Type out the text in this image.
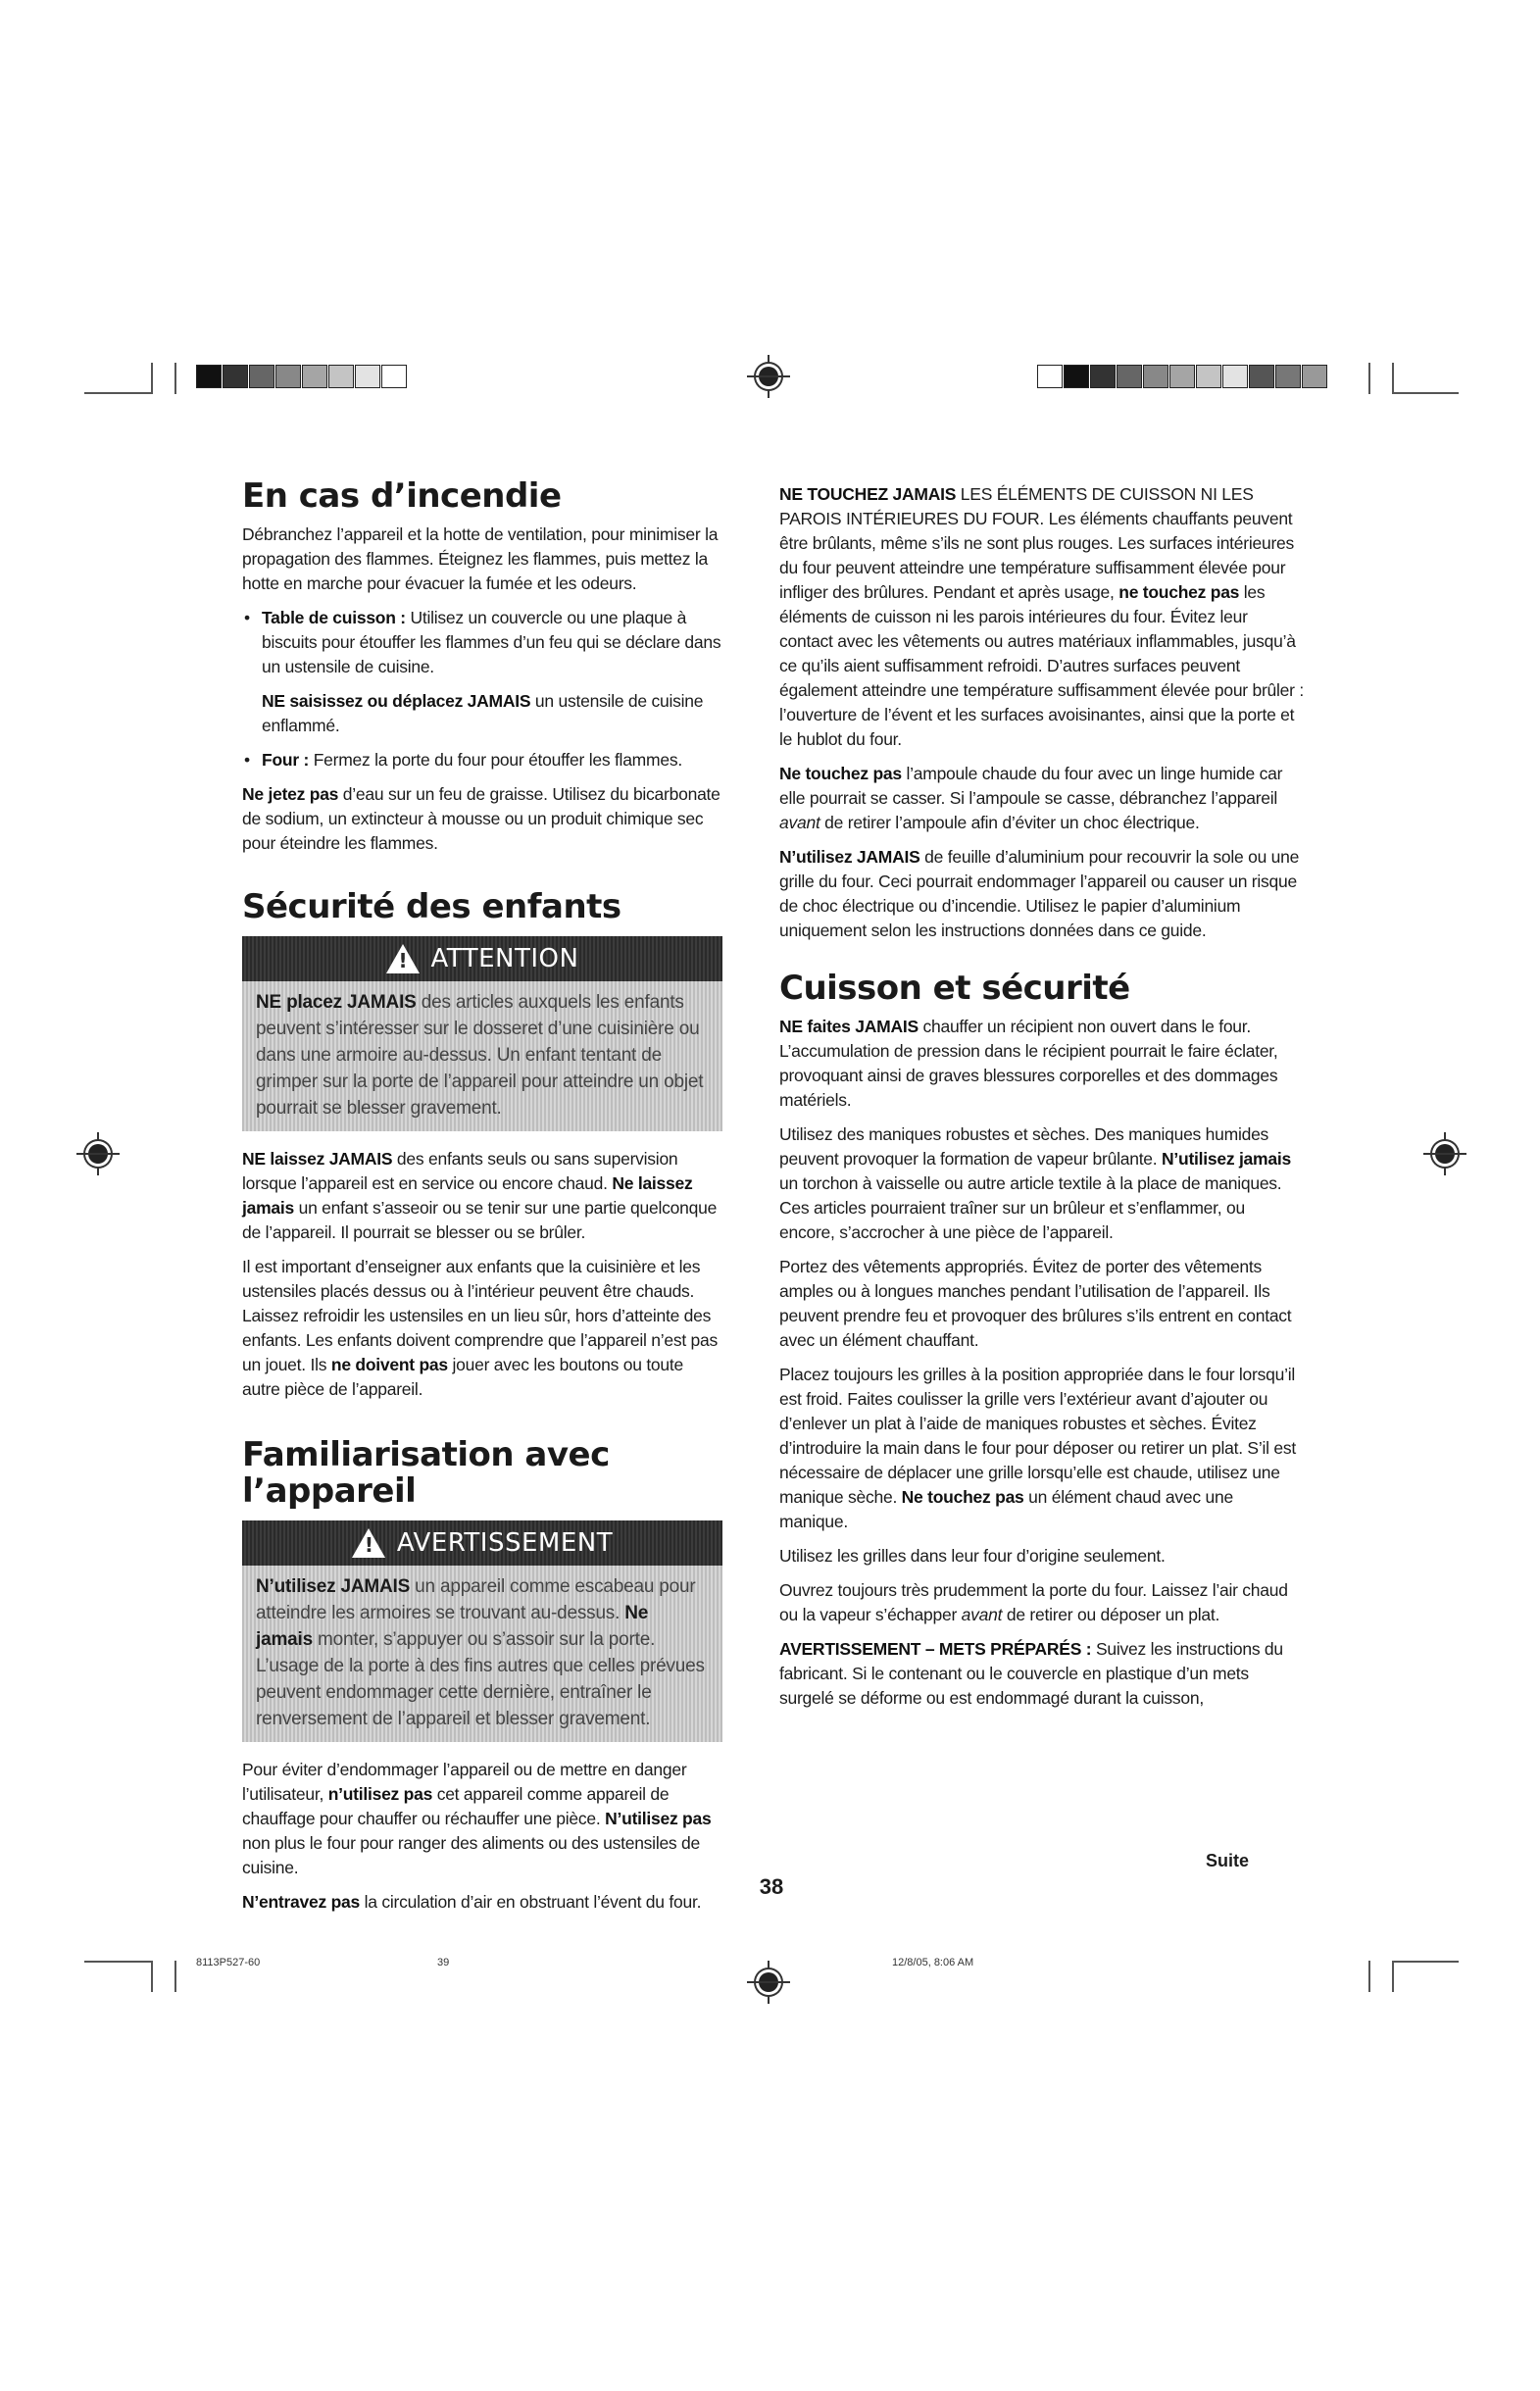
En cas d’incendie

Débranchez l’appareil et la hotte de ventilation, pour minimiser la propagation des flammes. Éteignez les flammes, puis mettez la hotte en marche pour évacuer la fumée et les odeurs.

• Table de cuisson : Utilisez un couvercle ou une plaque à biscuits pour étouffer les flammes d’un feu qui se déclare dans un ustensile de cuisine.

NE saisissez ou déplacez JAMAIS un ustensile de cuisine enflammé.

• Four : Fermez la porte du four pour étouffer les flammes.

Ne jetez pas d’eau sur un feu de graisse. Utilisez du bicarbonate de sodium, un extincteur à mousse ou un produit chimique sec pour éteindre les flammes.

Sécurité des enfants
!
ATTENTION
NE placez JAMAIS des articles auxquels les enfants peuvent s’intéresser sur le dosseret d’une cuisinière ou dans une armoire au-dessus. Un enfant tentant de grimper sur la porte de l’appareil pour atteindre un objet pourrait se blesser gravement.

NE laissez JAMAIS des enfants seuls ou sans supervision lorsque l’appareil est en service ou encore chaud. Ne laissez jamais un enfant s’asseoir ou se tenir sur une partie quelconque de l’appareil. Il pourrait se blesser ou se brûler.

Il est important d’enseigner aux enfants que la cuisinière et les ustensiles placés dessus ou à l’intérieur peuvent être chauds. Laissez refroidir les ustensiles en un lieu sûr, hors d’atteinte des enfants. Les enfants doivent comprendre que l’appareil n’est pas un jouet. Ils ne doivent pas jouer avec les boutons ou toute autre pièce de l’appareil.

Familiarisation avec l’appareil
!
AVERTISSEMENT
N’utilisez JAMAIS un appareil comme escabeau pour atteindre les armoires se trouvant au-dessus. Ne jamais monter, s’appuyer ou s’assoir sur la porte. L’usage de la porte à des fins autres que celles prévues peuvent endommager cette dernière, entraîner le renversement de l’appareil et blesser gravement.

Pour éviter d’endommager l’appareil ou de mettre en danger l’utilisateur, n’utilisez pas cet appareil comme appareil de chauffage pour chauffer ou réchauffer une pièce. N’utilisez pas non plus le four pour ranger des aliments ou des ustensiles de cuisine.

N’entravez pas la circulation d’air en obstruant l’évent du four.

NE TOUCHEZ JAMAIS LES ÉLÉMENTS DE CUISSON NI LES PAROIS INTÉRIEURES DU FOUR. Les éléments chauffants peuvent être brûlants, même s’ils ne sont plus rouges. Les surfaces intérieures du four peuvent atteindre une température suffisamment élevée pour infliger des brûlures. Pendant et après usage, ne touchez pas les éléments de cuisson ni les parois intérieures du four. Évitez leur contact avec les vêtements ou autres matériaux inflammables, jusqu’à ce qu’ils aient suffisamment refroidi. D’autres surfaces peuvent également atteindre une température suffisamment élevée pour brûler : l’ouverture de l’évent et les surfaces avoisinantes, ainsi que la porte et le hublot du four.

Ne touchez pas l’ampoule chaude du four avec un linge humide car elle pourrait se casser. Si l’ampoule se casse, débranchez l’appareil avant de retirer l’ampoule afin d’éviter un choc électrique.

N’utilisez JAMAIS de feuille d’aluminium pour recouvrir la sole ou une grille du four. Ceci pourrait endommager l’appareil ou causer un risque de choc électrique ou d’incendie. Utilisez le papier d’aluminium uniquement selon les instructions données dans ce guide.

Cuisson et sécurité

NE faites JAMAIS chauffer un récipient non ouvert dans le four. L’accumulation de pression dans le récipient pourrait le faire éclater, provoquant ainsi de graves blessures corporelles et des dommages matériels.

Utilisez des maniques robustes et sèches. Des maniques humides peuvent provoquer la formation de vapeur brûlante. N’utilisez jamais un torchon à vaisselle ou autre article textile à la place de maniques. Ces articles pourraient traîner sur un brûleur et s’enflammer, ou encore, s’accrocher à une pièce de l’appareil.

Portez des vêtements appropriés. Évitez de porter des vêtements amples ou à longues manches pendant l’utilisation de l’appareil. Ils peuvent prendre feu et provoquer des brûlures s’ils entrent en contact avec un élément chauffant.

Placez toujours les grilles à la position appropriée dans le four lorsqu’il est froid. Faites coulisser la grille vers l’extérieur avant d’ajouter ou d’enlever un plat à l’aide de maniques robustes et sèches. Évitez d’introduire la main dans le four pour déposer ou retirer un plat. S’il est nécessaire de déplacer une grille lorsqu’elle est chaude, utilisez une manique sèche. Ne touchez pas un élément chaud avec une manique.

Utilisez les grilles dans leur four d’origine seulement.

Ouvrez toujours très prudemment la porte du four. Laissez l’air chaud ou la vapeur s’échapper avant de retirer ou déposer un plat.

AVERTISSEMENT – METS PRÉPARÉS : Suivez les instructions du fabricant. Si le contenant ou le couvercle en plastique d’un mets surgelé se déforme ou est endommagé durant la cuisson,

Suite
38
8113P527-60	39	12/8/05, 8:06 AM
